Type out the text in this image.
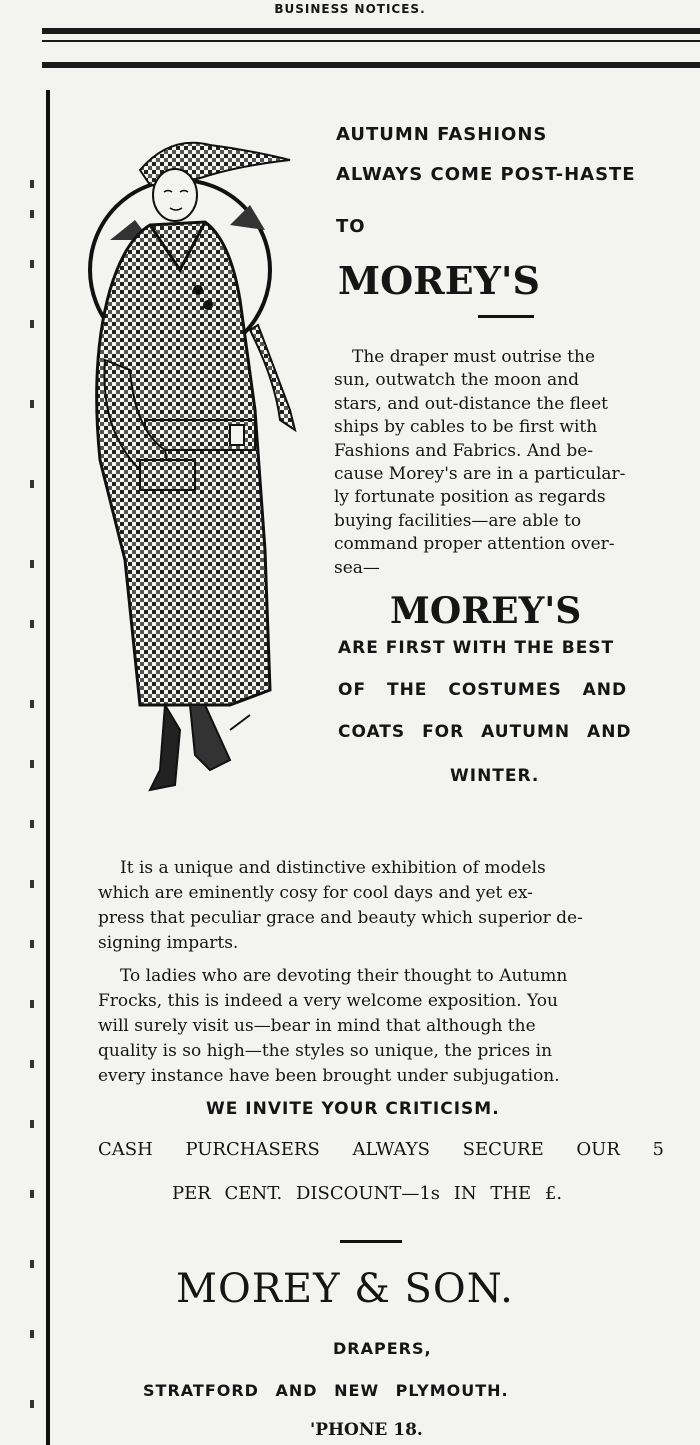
BUSINESS NOTICES.
AUTUMN FASHIONS
ALWAYS COME POST-HASTE
TO
MOREY'S
The draper must outrise the
sun, outwatch the moon and
stars, and out-distance the fleet
ships by cables to be first with
Fashions and Fabrics. And be-
cause Morey's are in a particular-
ly fortunate position as regards
buying facilities—are able to
command proper attention over-
sea—
MOREY'S
ARE FIRST WITH THE BEST
OF THE COSTUMES AND
COATS FOR AUTUMN AND
WINTER.
It is a unique and distinctive exhibition of models
which are eminently cosy for cool days and yet ex-
press that peculiar grace and beauty which superior de-
signing imparts.
To ladies who are devoting their thought to Autumn
Frocks, this is indeed a very welcome exposition. You
will surely visit us—bear in mind that although the
quality is so high—the styles so unique, the prices in
every instance have been brought under subjugation.
WE INVITE YOUR CRITICISM.
CASH PURCHASERS ALWAYS SECURE OUR 5
PER CENT. DISCOUNT—1s IN THE £.
MOREY & SON.
DRAPERS,
STRATFORD AND NEW PLYMOUTH.
'PHONE 18.
